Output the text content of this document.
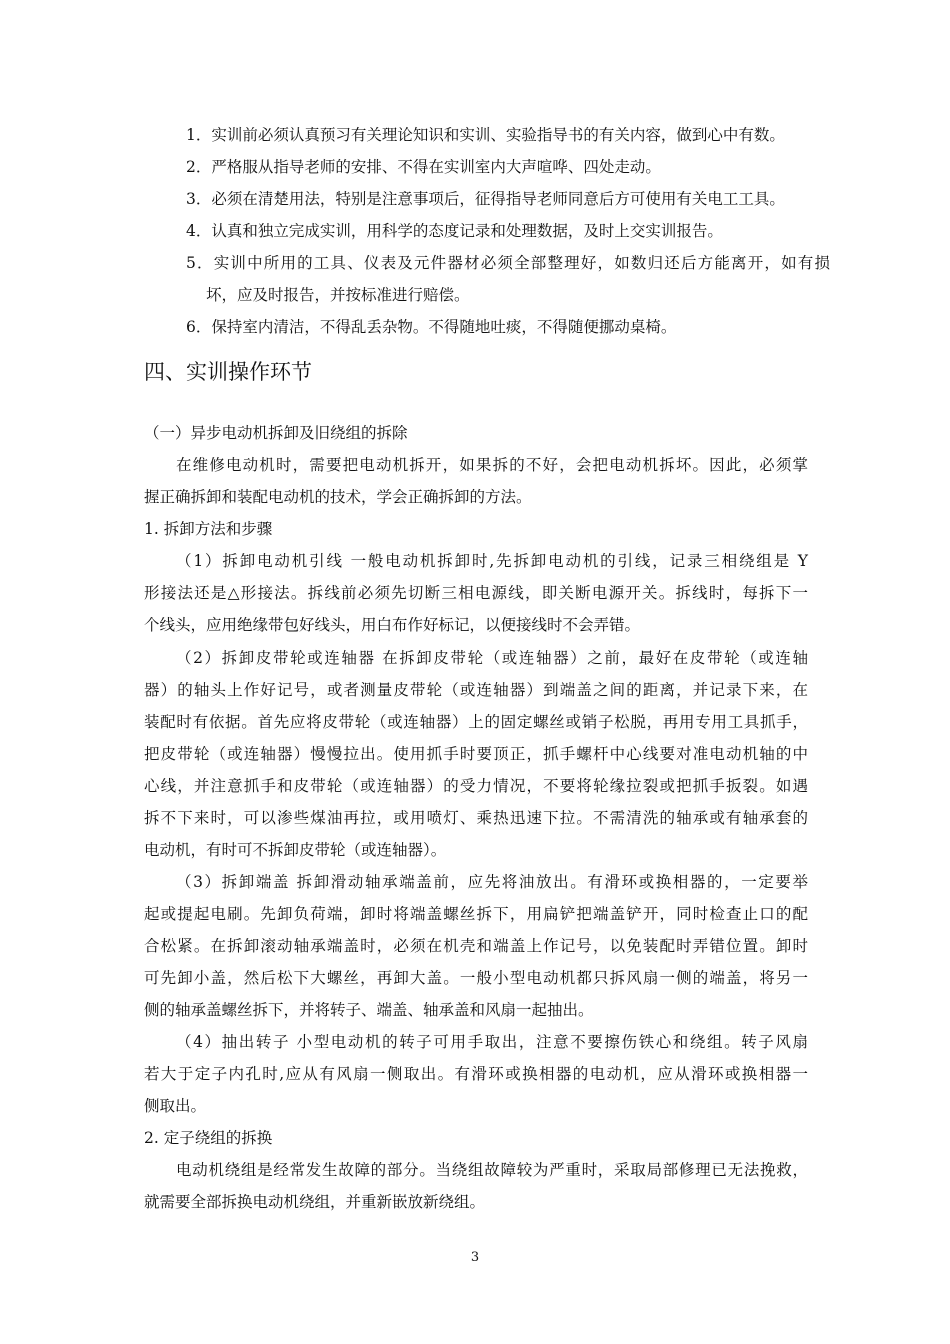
1．实训前必须认真预习有关理论知识和实训、实验指导书的有关内容，做到心中有数。
2．严格服从指导老师的安排、不得在实训室内大声喧哗、四处走动。
3．必须在清楚用法，特别是注意事项后，征得指导老师同意后方可使用有关电工工具。
4．认真和独立完成实训，用科学的态度记录和处理数据，及时上交实训报告。
5．实训中所用的工具、仪表及元件器材必须全部整理好，如数归还后方能离开，如有损
坏，应及时报告，并按标准进行赔偿。
6．保持室内清洁，不得乱丢杂物。不得随地吐痰，不得随便挪动桌椅。
四、实训操作环节
（一）异步电动机拆卸及旧绕组的拆除
在维修电动机时，需要把电动机拆开，如果拆的不好，会把电动机拆坏。因此，必须掌
握正确拆卸和装配电动机的技术，学会正确拆卸的方法。
1. 拆卸方法和步骤
（1）拆卸电动机引线 一般电动机拆卸时,先拆卸电动机的引线，记录三相绕组是 Y
形接法还是△形接法。拆线前必须先切断三相电源线，即关断电源开关。拆线时，每拆下一
个线头，应用绝缘带包好线头，用白布作好标记，以便接线时不会弄错。
（2）拆卸皮带轮或连轴器 在拆卸皮带轮（或连轴器）之前，最好在皮带轮（或连轴
器）的轴头上作好记号，或者测量皮带轮（或连轴器）到端盖之间的距离，并记录下来，在
装配时有依据。首先应将皮带轮（或连轴器）上的固定螺丝或销子松脱，再用专用工具抓手，
把皮带轮（或连轴器）慢慢拉出。使用抓手时要顶正，抓手螺杆中心线要对准电动机轴的中
心线，并注意抓手和皮带轮（或连轴器）的受力情况，不要将轮缘拉裂或把抓手扳裂。如遇
拆不下来时，可以渗些煤油再拉，或用喷灯、乘热迅速下拉。不需清洗的轴承或有轴承套的
电动机，有时可不拆卸皮带轮（或连轴器）。
（3）拆卸端盖 拆卸滑动轴承端盖前，应先将油放出。有滑环或换相器的，一定要举
起或提起电刷。先卸负荷端，卸时将端盖螺丝拆下，用扁铲把端盖铲开，同时检查止口的配
合松紧。在拆卸滚动轴承端盖时，必须在机壳和端盖上作记号，以免装配时弄错位置。卸时
可先卸小盖，然后松下大螺丝，再卸大盖。一般小型电动机都只拆风扇一侧的端盖，将另一
侧的轴承盖螺丝拆下，并将转子、端盖、轴承盖和风扇一起抽出。
（4）抽出转子 小型电动机的转子可用手取出，注意不要擦伤铁心和绕组。转子风扇
若大于定子内孔时,应从有风扇一侧取出。有滑环或换相器的电动机，应从滑环或换相器一
侧取出。
2. 定子绕组的拆换
电动机绕组是经常发生故障的部分。当绕组故障较为严重时，采取局部修理已无法挽救，
就需要全部拆换电动机绕组，并重新嵌放新绕组。
3
